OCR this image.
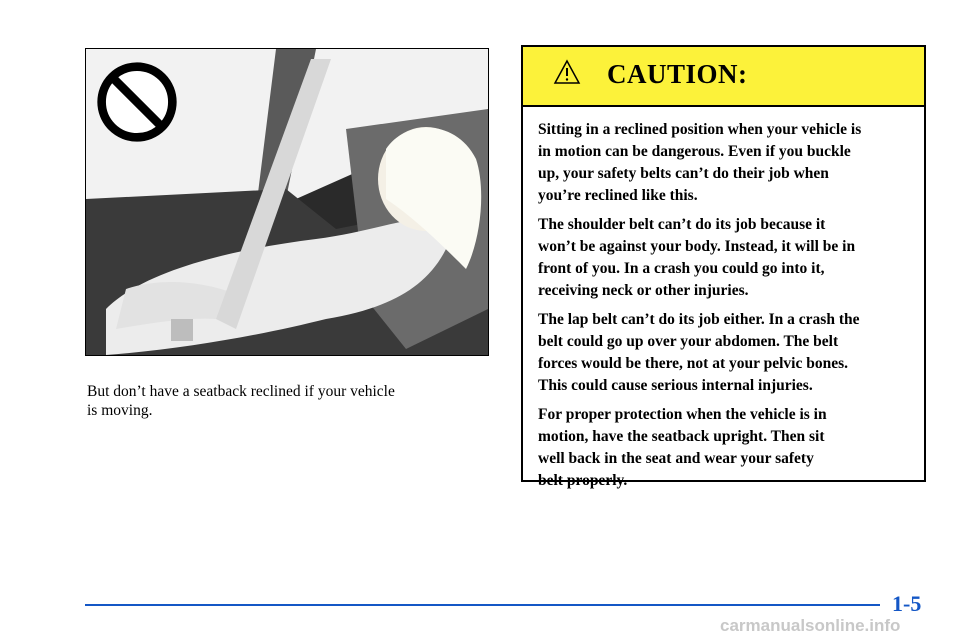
But don’t have a seatback reclined if your vehicle
is moving.

CAUTION:

Sitting in a reclined position when your vehicle is
in motion can be dangerous. Even if you buckle
up, your safety belts can’t do their job when
you’re reclined like this.

The shoulder belt can’t do its job because it
won’t be against your body. Instead, it will be in
front of you. In a crash you could go into it,
receiving neck or other injuries.

The lap belt can’t do its job either. In a crash the
belt could go up over your abdomen. The belt
forces would be there, not at your pelvic bones.
This could cause serious internal injuries.

For proper protection when the vehicle is in
motion, have the seatback upright. Then sit
well back in the seat and wear your safety
belt properly.

1-5
carmanualsonline.info
